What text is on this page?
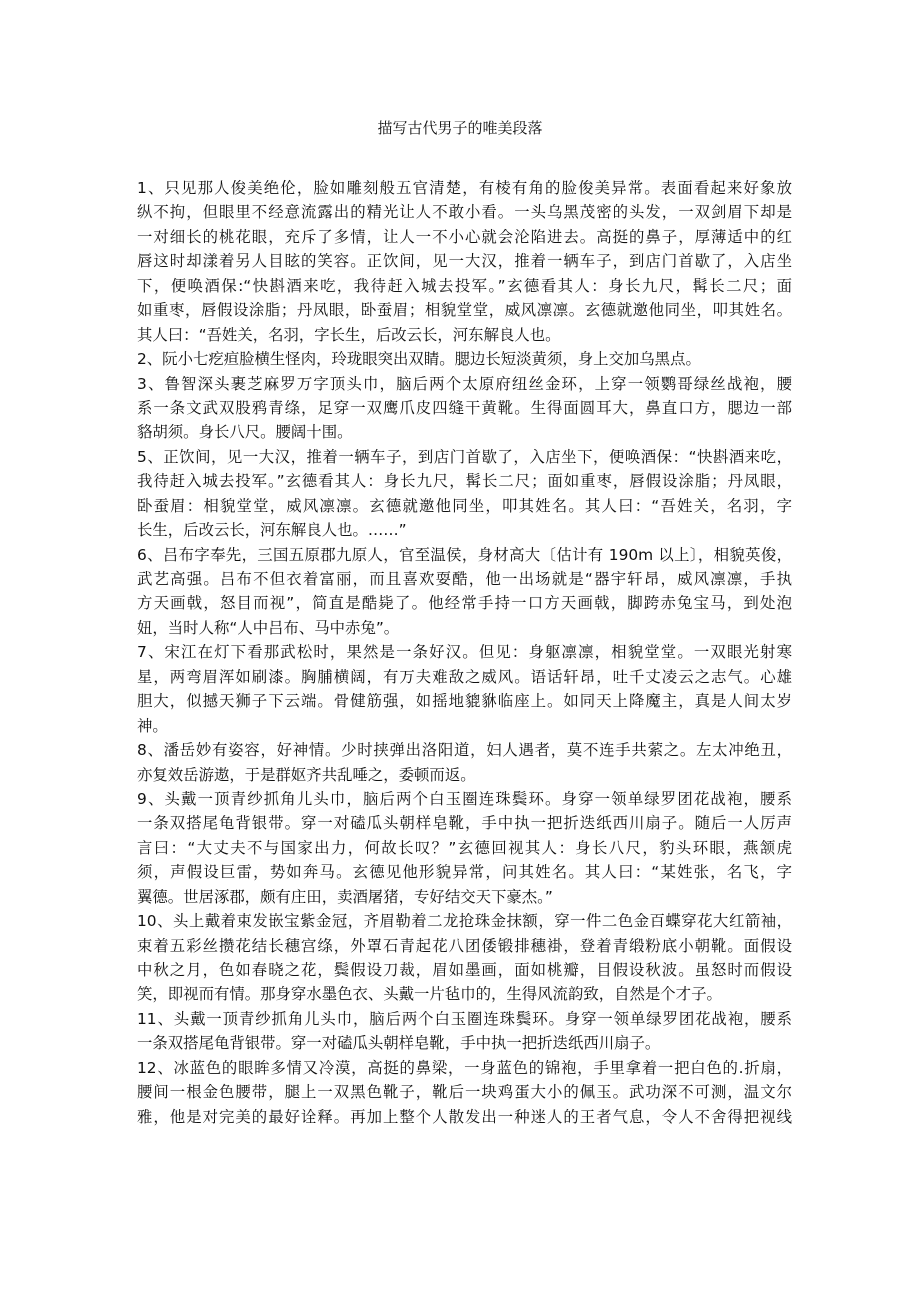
描写古代男子的唯美段落
1、只见那人俊美绝伦，脸如雕刻般五官清楚，有棱有角的脸俊美异常。表面看起来好象放
纵不拘，但眼里不经意流露出的精光让人不敢小看。一头乌黑茂密的头发，一双剑眉下却是
一对细长的桃花眼，充斥了多情，让人一不小心就会沦陷进去。高挺的鼻子，厚薄适中的红
唇这时却漾着另人目眩的笑容。正饮间，见一大汉，推着一辆车子，到店门首歇了，入店坐
下，便唤酒保:“快斟酒来吃，我待赶入城去投军。”玄德看其人：身长九尺，髯长二尺；面
如重枣，唇假设涂脂；丹凤眼，卧蚕眉；相貌堂堂，威风凛凛。玄德就邀他同坐，叩其姓名。
其人曰：“吾姓关，名羽，字长生，后改云长，河东解良人也。
2、阮小七疙疸脸横生怪肉，玲珑眼突出双睛。腮边长短淡黄须，身上交加乌黑点。
3、鲁智深头裹芝麻罗万字顶头巾，脑后两个太原府纽丝金环，上穿一领鹦哥绿丝战袍，腰
系一条文武双股鸦青绦，足穿一双鹰爪皮四缝干黄靴。生得面圆耳大，鼻直口方，腮边一部
貉胡须。身长八尺。腰阔十围。
5、正饮间，见一大汉，推着一辆车子，到店门首歇了，入店坐下，便唤酒保：“快斟酒来吃，
我待赶入城去投军。”玄德看其人：身长九尺，髯长二尺；面如重枣，唇假设涂脂；丹凤眼，
卧蚕眉：相貌堂堂，威风凛凛。玄德就邀他同坐，叩其姓名。其人曰：“吾姓关，名羽，字
长生，后改云长，河东解良人也。……”
6、吕布字奉先，三国五原郡九原人，官至温侯，身材高大〔估计有 190m 以上〕，相貌英俊，
武艺高强。吕布不但衣着富丽，而且喜欢耍酷，他一出场就是“器宇轩昂，威风凛凛，手执
方天画戟，怒目而视”，简直是酷毙了。他经常手持一口方天画戟，脚跨赤兔宝马，到处泡
妞，当时人称“人中吕布、马中赤兔”。
7、宋江在灯下看那武松时，果然是一条好汉。但见：身躯凛凛，相貌堂堂。一双眼光射寒
星，两弯眉浑如刷漆。胸脯横阔，有万夫难敌之威风。语话轩昂，吐千丈凌云之志气。心雄
胆大，似撼天狮子下云端。骨健筋强，如摇地貔貅临座上。如同天上降魔主，真是人间太岁
神。
8、潘岳妙有姿容，好神情。少时挟弹出洛阳道，妇人遇者，莫不连手共萦之。左太冲绝丑，
亦复效岳游遨，于是群妪齐共乱唾之，委顿而返。
9、头戴一顶青纱抓角儿头巾，脑后两个白玉圈连珠鬓环。身穿一领单绿罗团花战袍，腰系
一条双搭尾龟背银带。穿一对磕瓜头朝样皂靴，手中执一把折迭纸西川扇子。随后一人厉声
言曰：“大丈夫不与国家出力，何故长叹？”玄德回视其人：身长八尺，豹头环眼，燕颔虎
须，声假设巨雷，势如奔马。玄德见他形貌异常，问其姓名。其人曰：“某姓张，名飞，字
翼德。世居涿郡，颇有庄田，卖酒屠猪，专好结交天下豪杰。”
10、头上戴着束发嵌宝紫金冠，齐眉勒着二龙抢珠金抹额，穿一件二色金百蝶穿花大红箭袖，
束着五彩丝攒花结长穗宫绦，外罩石青起花八团倭锻排穗褂，登着青缎粉底小朝靴。面假设
中秋之月，色如春晓之花，鬓假设刀裁，眉如墨画，面如桃瓣，目假设秋波。虽怒时而假设
笑，即视而有情。那身穿水墨色衣、头戴一片毡巾的，生得风流韵致，自然是个才子。
11、头戴一顶青纱抓角儿头巾，脑后两个白玉圈连珠鬓环。身穿一领单绿罗团花战袍，腰系
一条双搭尾龟背银带。穿一对磕瓜头朝样皂靴，手中执一把折迭纸西川扇子。
12、冰蓝色的眼眸多情又冷漠，高挺的鼻梁，一身蓝色的锦袍，手里拿着一把白色的.折扇，
腰间一根金色腰带，腿上一双黑色靴子，靴后一块鸡蛋大小的佩玉。武功深不可测，温文尔
雅，他是对完美的最好诠释。再加上整个人散发出一种迷人的王者气息，令人不舍得把视线
